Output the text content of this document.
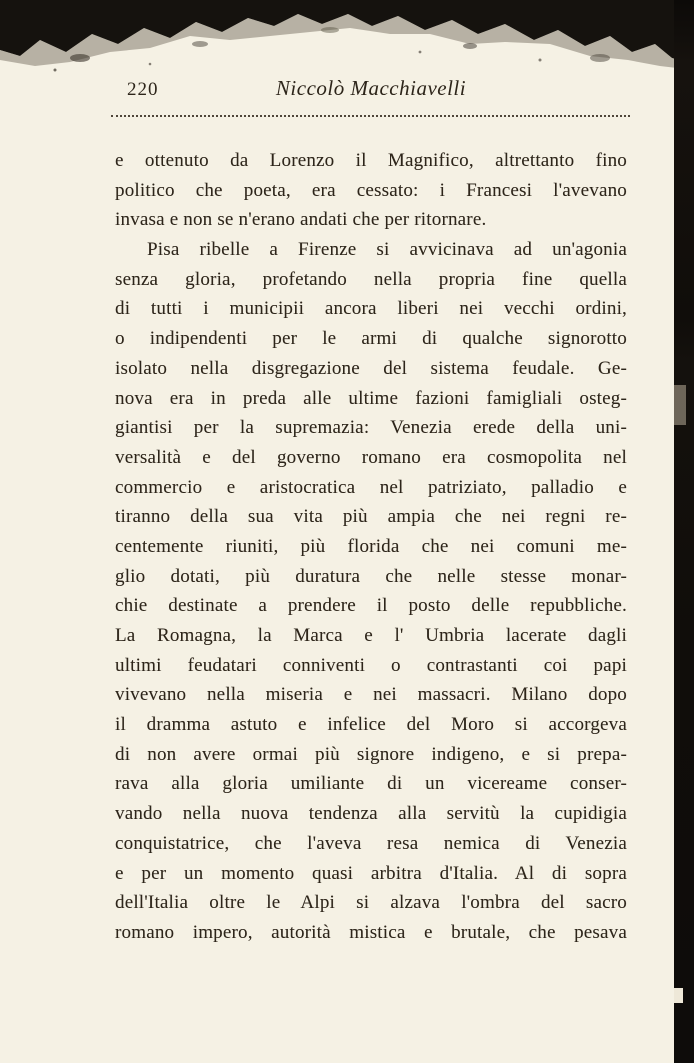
220	Niccolò Macchiavelli
e ottenuto da Lorenzo il Magnifico, altrettanto fino
politico che poeta, era cessato: i Francesi l'avevano
invasa e non se n'erano andati che per ritornare.
Pisa ribelle a Firenze si avvicinava ad un'agonia
senza gloria, profetando nella propria fine quella
di tutti i municipii ancora liberi nei vecchi ordini,
o indipendenti per le armi di qualche signorotto
isolato nella disgregazione del sistema feudale. Ge-
nova era in preda alle ultime fazioni famigliali osteg-
giantisi per la supremazia: Venezia erede della uni-
versalità e del governo romano era cosmopolita nel
commercio e aristocratica nel patriziato, palladio e
tiranno della sua vita più ampia che nei regni re-
centemente riuniti, più florida che nei comuni me-
glio dotati, più duratura che nelle stesse monar-
chie destinate a prendere il posto delle repubbliche.
La Romagna, la Marca e l' Umbria lacerate dagli
ultimi feudatari conniventi o contrastanti coi papi
vivevano nella miseria e nei massacri. Milano dopo
il dramma astuto e infelice del Moro si accorgeva
di non avere ormai più signore indigeno, e si prepa-
rava alla gloria umiliante di un vicereame conser-
vando nella nuova tendenza alla servitù la cupidigia
conquistatrice, che l'aveva resa nemica di Venezia
e per un momento quasi arbitra d'Italia. Al di sopra
dell'Italia oltre le Alpi si alzava l'ombra del sacro
romano impero, autorità mistica e brutale, che pesava
